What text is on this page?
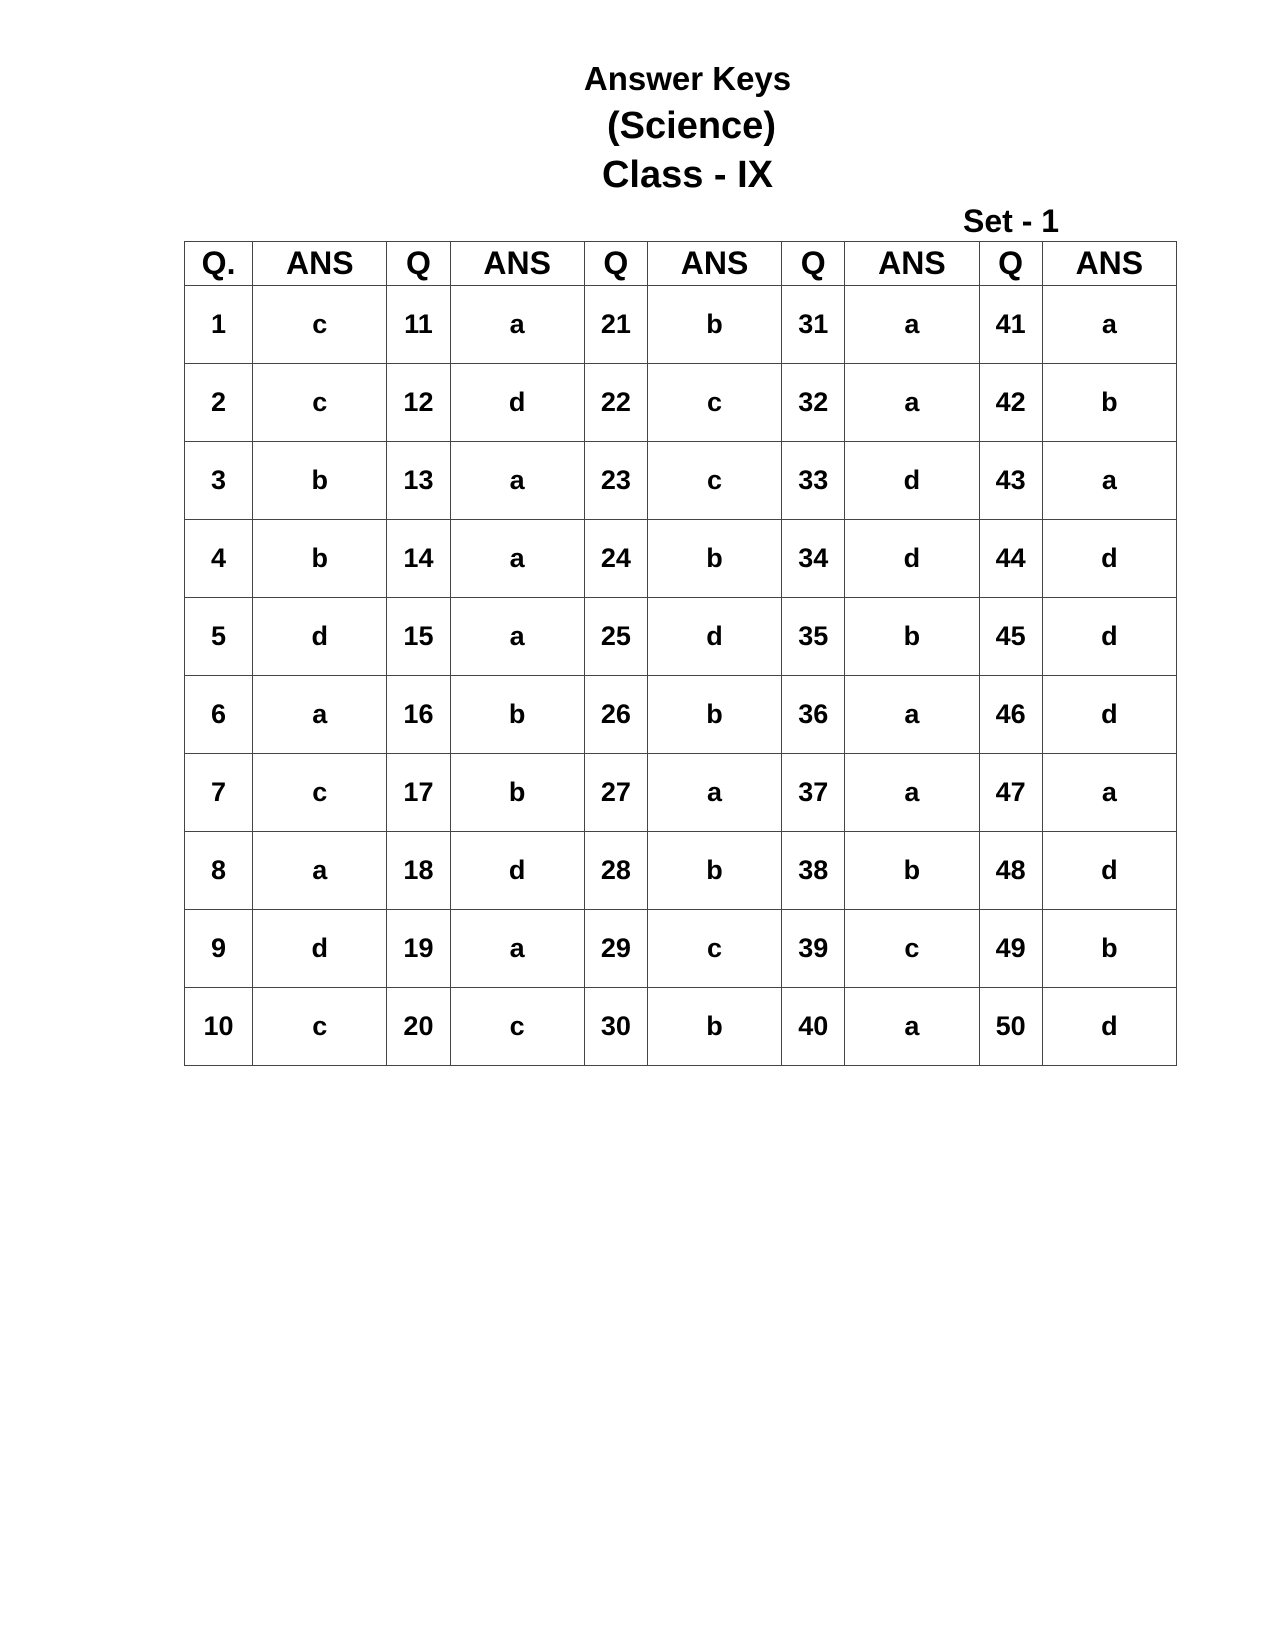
Answer Keys
(Science)
Class - IX
Set - 1
Q.	ANS	Q	ANS	Q	ANS	Q	ANS	Q	ANS
1	c	11	a	21	b	31	a	41	a
2	c	12	d	22	c	32	a	42	b
3	b	13	a	23	c	33	d	43	a
4	b	14	a	24	b	34	d	44	d
5	d	15	a	25	d	35	b	45	d
6	a	16	b	26	b	36	a	46	d
7	c	17	b	27	a	37	a	47	a
8	a	18	d	28	b	38	b	48	d
9	d	19	a	29	c	39	c	49	b
10	c	20	c	30	b	40	a	50	d
